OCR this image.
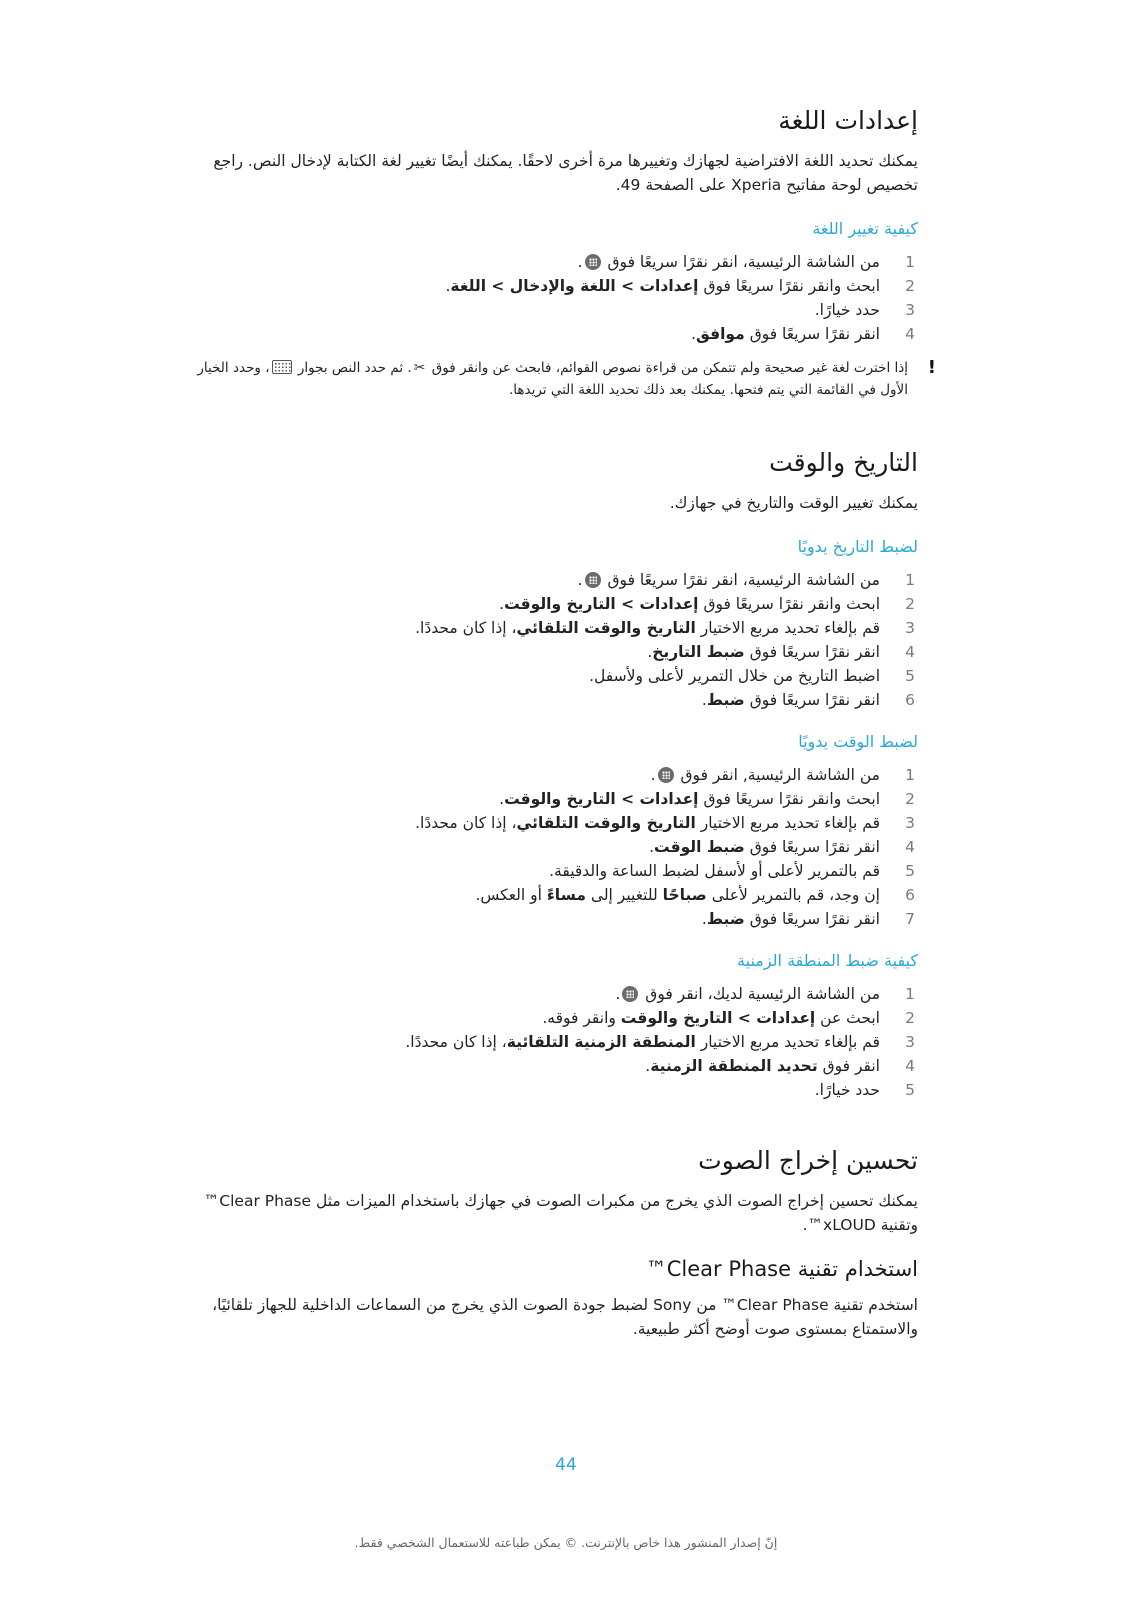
إعدادات اللغة

يمكنك تحديد اللغة الافتراضية لجهازك وتغييرها مرة أخرى لاحقًا. يمكنك أيضًا تغيير لغة الكتابة لإدخال النص. راجع تخصيص لوحة مفاتيح Xperia على الصفحة 49.

كيفية تغيير اللغة
1
من الشاشة الرئيسية، انقر نقرًا سريعًا فوق .
2
ابحث وانقر نقرًا سريعًا فوق إعدادات > اللغة والإدخال > اللغة.
3
حدد خيارًا.
4
انقر نقرًا سريعًا فوق موافق.
!

إذا اخترت لغة غير صحيحة ولم تتمكن من قراءة نصوص القوائم، فابحث عن وانقر فوق ✂. ثم حدد النص بجوار ، وحدد الخيار الأول في القائمة التي يتم فتحها. يمكنك بعد ذلك تحديد اللغة التي تريدها.

التاريخ والوقت

يمكنك تغيير الوقت والتاريخ في جهازك.

لضبط التاريخ يدويًا
1
من الشاشة الرئيسية، انقر نقرًا سريعًا فوق .
2
ابحث وانقر نقرًا سريعًا فوق إعدادات > التاريخ والوقت.
3
قم بإلغاء تحديد مربع الاختيار التاريخ والوقت التلقائي، إذا كان محددًا.
4
انقر نقرًا سريعًا فوق ضبط التاريخ.
5
اضبط التاريخ من خلال التمرير لأعلى ولأسفل.
6
انقر نقرًا سريعًا فوق ضبط.
لضبط الوقت يدويًا
1
من الشاشة الرئيسية, انقر فوق .
2
ابحث وانقر نقرًا سريعًا فوق إعدادات > التاريخ والوقت.
3
قم بإلغاء تحديد مربع الاختيار التاريخ والوقت التلقائي، إذا كان محددًا.
4
انقر نقرًا سريعًا فوق ضبط الوقت.
5
قم بالتمرير لأعلى أو لأسفل لضبط الساعة والدقيقة.
6
إن وجد، قم بالتمرير لأعلى صباحًا للتغيير إلى مساءً أو العكس.
7
انقر نقرًا سريعًا فوق ضبط.
كيفية ضبط المنطقة الزمنية
1
من الشاشة الرئيسية لديك، انقر فوق .
2
ابحث عن إعدادات > التاريخ والوقت وانقر فوقه.
3
قم بإلغاء تحديد مربع الاختيار المنطقة الزمنية التلقائية، إذا كان محددًا.
4
انقر فوق تحديد المنطقة الزمنية.
5
حدد خيارًا.
تحسين إخراج الصوت

يمكنك تحسين إخراج الصوت الذي يخرج من مكبرات الصوت في جهازك باستخدام الميزات مثل Clear Phase™ وتقنية xLOUD™.

استخدام تقنية Clear Phase™

استخدم تقنية Clear Phase™ من Sony لضبط جودة الصوت الذي يخرج من السماعات الداخلية للجهاز تلقائيًا، والاستمتاع بمستوى صوت أوضح أكثر طبيعية.

44
إنّ إصدار المنشور هذا خاص بالإنترنت. © يمكن طباعته للاستعمال الشخصي فقط.
